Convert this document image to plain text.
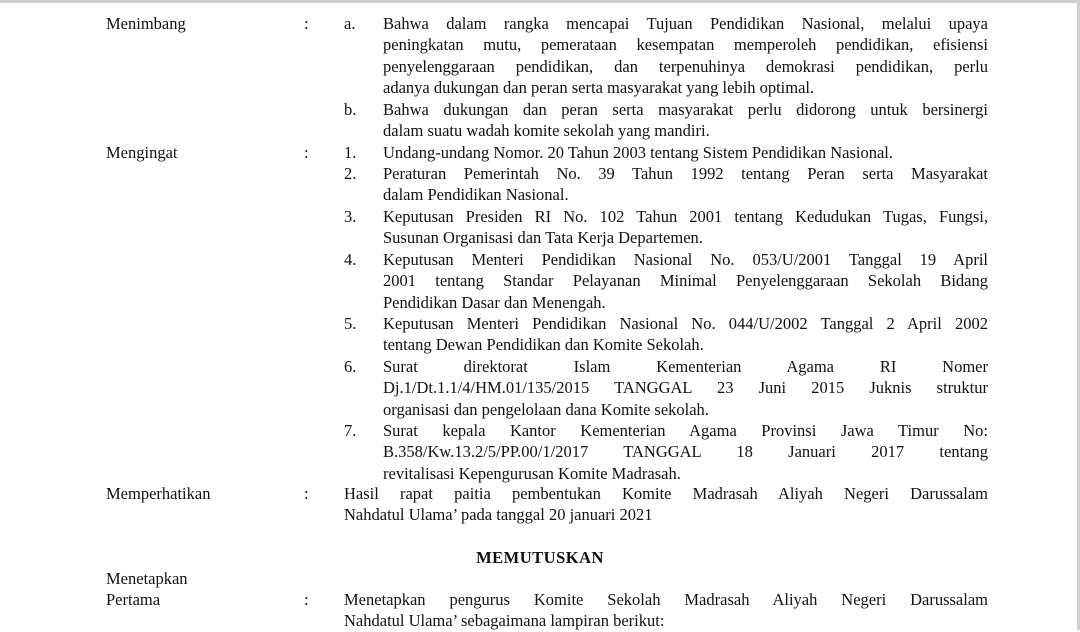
Menimbang	: a. Bahwa dalam rangka mencapai Tujuan Pendidikan Nasional, melalui upaya
peningkatan mutu, pemerataan kesempatan memperoleh pendidikan, efisiensi
penyelenggaraan pendidikan, dan terpenuhinya demokrasi pendidikan, perlu
adanya dukungan dan peran serta masyarakat yang lebih optimal.
b. Bahwa dukungan dan peran serta masyarakat perlu didorong untuk bersinergi
dalam suatu wadah komite sekolah yang mandiri.
Mengingat	: 1. Undang-undang Nomor. 20 Tahun 2003 tentang Sistem Pendidikan Nasional.
2. Peraturan Pemerintah No. 39 Tahun 1992 tentang Peran serta Masyarakat
dalam Pendidikan Nasional.
3. Keputusan Presiden RI No. 102 Tahun 2001 tentang Kedudukan Tugas, Fungsi,
Susunan Organisasi dan Tata Kerja Departemen.
4. Keputusan Menteri Pendidikan Nasional No. 053/U/2001 Tanggal 19 April
2001 tentang Standar Pelayanan Minimal Penyelenggaraan Sekolah Bidang
Pendidikan Dasar dan Menengah.
5. Keputusan Menteri Pendidikan Nasional No. 044/U/2002 Tanggal 2 April 2002
tentang Dewan Pendidikan dan Komite Sekolah.
6. Surat direktorat Islam Kementerian Agama RI Nomer
Dj.1/Dt.1.1/4/HM.01/135/2015 TANGGAL 23 Juni 2015 Juknis struktur
organisasi dan pengelolaan dana Komite sekolah.
7. Surat kepala Kantor Kementerian Agama Provinsi Jawa Timur No:
B.358/Kw.13.2/5/PP.00/1/2017 TANGGAL 18 Januari 2017 tentang
revitalisasi Kepengurusan Komite Madrasah.
Memperhatikan	: Hasil rapat paitia pembentukan Komite Madrasah Aliyah Negeri Darussalam
Nahdatul Ulama’ pada tanggal 20 januari 2021
MEMUTUSKAN
Menetapkan
Pertama	: Menetapkan pengurus Komite Sekolah Madrasah Aliyah Negeri Darussalam
Nahdatul Ulama’ sebagaimana lampiran berikut:
